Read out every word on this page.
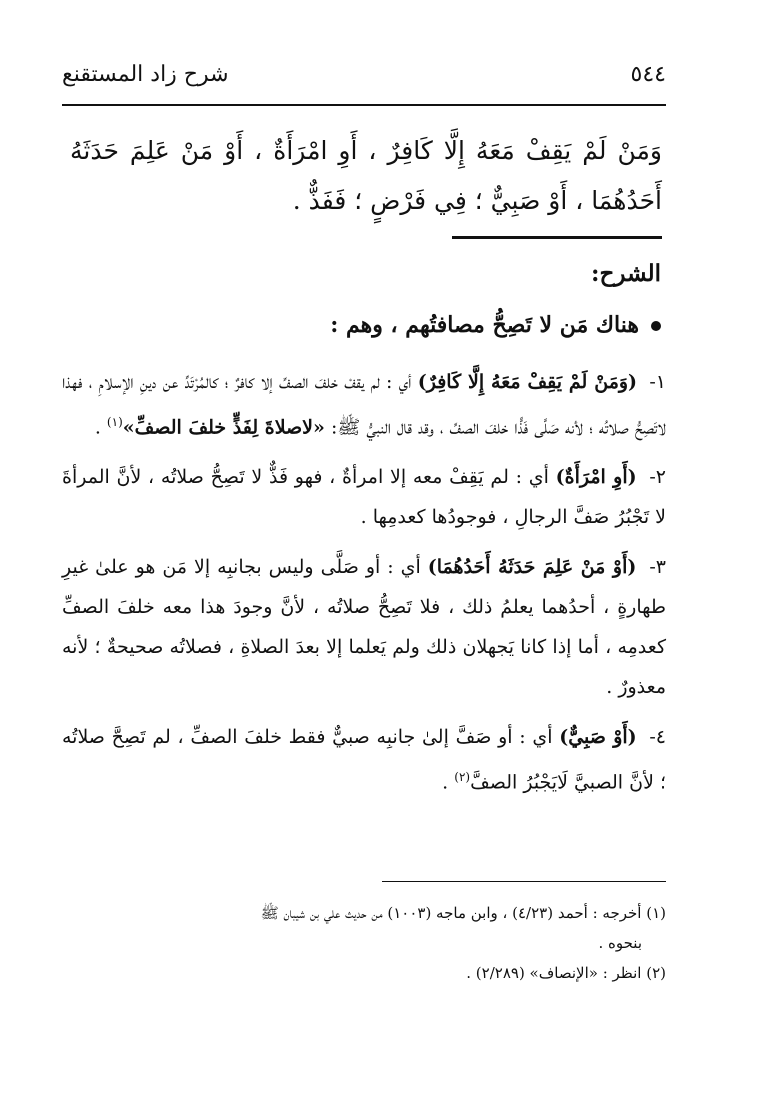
شرح زاد المستقنع	٥٤٤
وَمَنْ لَمْ يَقِفْ مَعَهُ إِلَّا كَافِرٌ ، أَوِ امْرَأَةٌ ، أَوْ مَنْ عَلِمَ حَدَثَهُ أَحَدُهُمَا ، أَوْ صَبِيٌّ ؛ فِي فَرْضٍ ؛ فَفَذٌّ .
الشرح:
هناك مَن لا تَصِحُّ مصافتُهم ، وهم :

١- (وَمَنْ لَمْ يَقِفْ مَعَهُ إِلَّا كَافِرٌ) أي : لم يقفْ خلفَ الصفِّ إلا كافرٌ ؛ كالمُرْتَدِّ عن دينِ الإسلامِ ، فهذا لاتَصِحُّ صلاتُه ؛ لأنه صَلَّى فَذًّا خلفَ الصفِّ ، وقد قال النبيُّ ﷺ: «لاصلاةَ لِفَذٍّ خلفَ الصفِّ»$^{(١)}$ .

٢- (أَوِ امْرَأَةٌ) أي : لم يَقِفْ معه إلا امرأةٌ ، فهو فَذٌّ لا تَصِحُّ صلاتُه ، لأنَّ المرأةَ لا تَجْبُرُ صَفَّ الرجالِ ، فوجودُها كعدمِها .

٣- (أَوْ مَنْ عَلِمَ حَدَثَهُ أَحَدُهُمَا) أي : أو صَلَّى وليس بجانبِه إلا مَن هو علىٰ غيرِ طهارةٍ ، أحدُهما يعلمُ ذلك ، فلا تَصِحُّ صلاتُه ، لأنَّ وجودَ هذا معه خلفَ الصفِّ كعدمِه ، أما إذا كانا يَجهلان ذلك ولم يَعلما إلا بعدَ الصلاةِ ، فصلاتُه صحيحةٌ ؛ لأنه معذورٌ .

٤- (أَوْ صَبِيٌّ) أي : أو صَفَّ إلىٰ جانبِه صبيٌّ فقط خلفَ الصفِّ ، لم تَصِحَّ صلاتُه ؛ لأنَّ الصبيَّ لَايَجْبُرُ الصفَّ$^{(٢)}$ .

(١) أخرجه : أحمد (٤/٢٣) ، وابن ماجه (١٠٠٣) من حديث علي بن شيبان ﷺ
بنحوه .
(٢) انظر : «الإنصاف» (٢/٢٨٩) .
